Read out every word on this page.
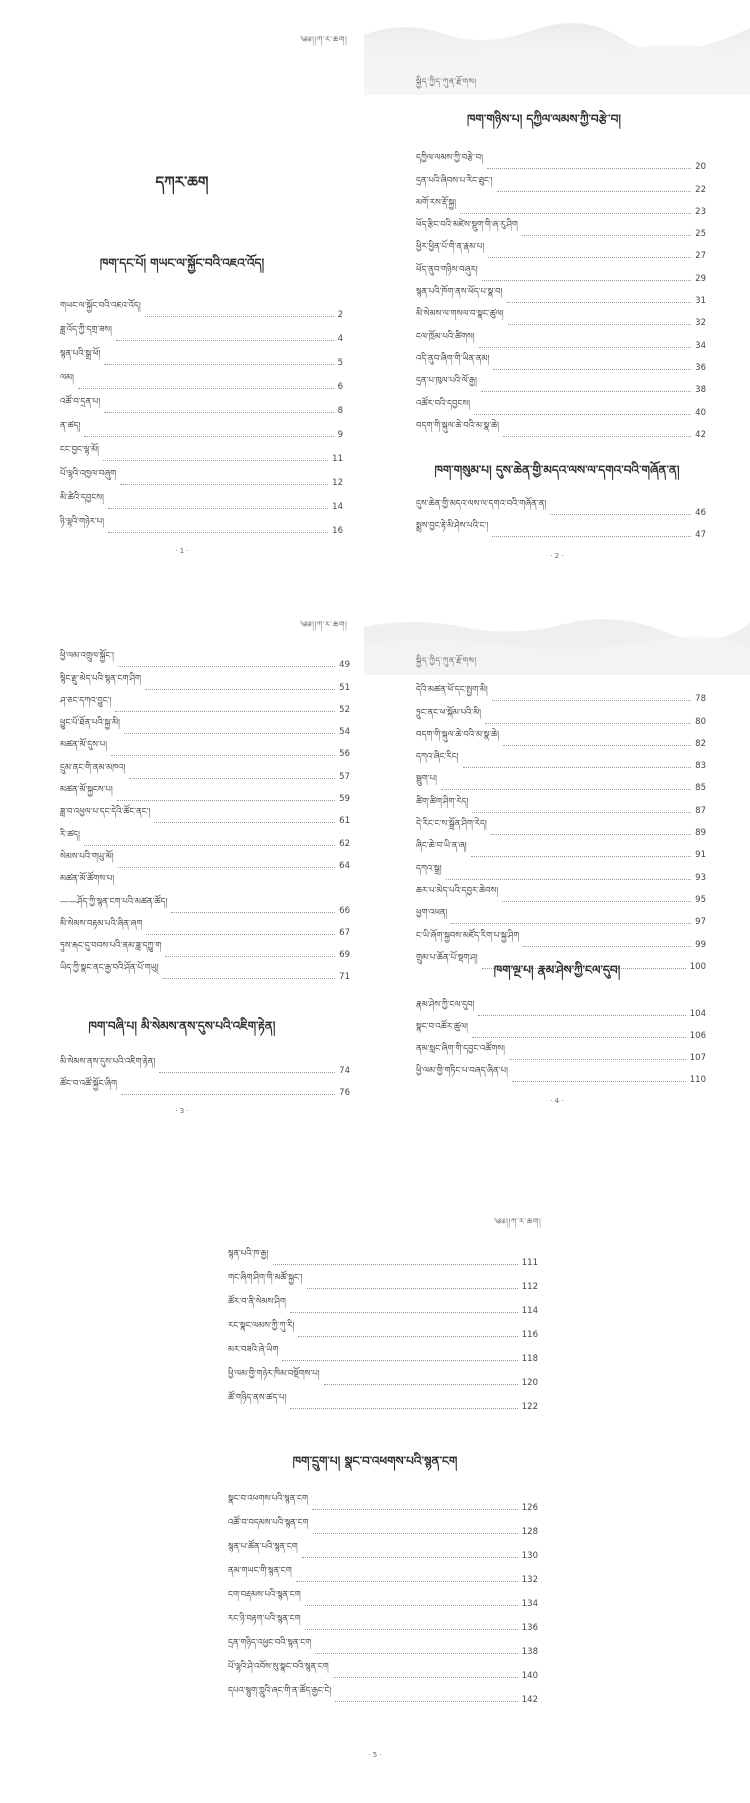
༄༅།།ཀ་ར་ཆག།
དཀར་ཆག
ཁག་དང་པོ། གཡང་ལ་སྐྱོང་བའི་འཇའ་འོད།
གཡང་ལ་སྐྱོང་བའི་འཇའ་འོད།
2
ཟླ་འོད་ཀྱི་དགྲ་ཟས།
4
སྙན་པའི་སྒྲ་ཕོ།
5
ལམ།
6
འཚོ་བ་དྲན་པ།
8
ན་ཚད།
9
ངང་བྱང་ལྷ་མོ།
11
པོ་ལྷའི་འཁྱལ་བཞུག
12
མི་ཚེའི་དབྱངས།
14
ཉི་ལྷའི་གཉེར་པ།
16
· 1 ·
སྐྱིད་ཀྱིད་ཀུན་རྫོགས།
ཁག་གཉིས་པ། དཀྱིལ་ལམས་ཀྱི་བརྩེ་བ།
དཀྱིལ་ལམས་ཀྱི་བརྩེ་བ།
20
དྲན་པའི་ཞིབས་པ་རིང་ཐུང་།
22
མགོ་རས་རྡོ་སྐྱ།
23
ཕོད་རྩིང་བའི་མཛེས་སྡུག་གི་ཞ་རུ་ཤིག
25
ཕྱིར་ཕྱིན་པོ་གི་ན་རྣམ་པ།
27
ཕོད་ནུབ་གཉིས་བཞུར།
29
སྙན་པའི་ཁོག་ནས་ཕོད་པ་སྣ་བ།
31
མི་སེམས་ལ་གསལ་བ་སྣང་ཚུལ།
32
ངལ་ཁྲོམ་པའི་ཚིགས།
34
འདི་ནུབ་ཞིག་གི་ཡིན་ནམ།
36
དྲན་པ་ཁུལ་པའི་ལོ་རྒྱ།
38
འཚོར་བའི་དབྱངས།
40
བདག་གི་སྐུལ་ཆེ་བའི་མ་སྣ་ཆེ།
42
ཁག་གསུམ་པ། དུས་ཆེན་གྱི་མདའ་ལས་ལ་དགའ་བའི་གཞོན་ན།
དུས་ཆེན་གྱི་མདའ་ལས་ལ་དགའ་བའི་གཞོན་ན།
46
སྨྲས་བྱང་རྟེ་མི་ཤེས་པའི་ང་།
47
· 2 ·
༄༅།།ཀ་ར་ཆག།
ཕྱི་ལམ་འགྲུལ་སྐྱོང་།
49
སྙིང་རྫུ་མེད་པའི་སྙན་ངག་ཤིག
51
ཤ་ཅང་དཀའ་བྱུང་།
52
ཕྱུང་པོ་ཐོན་པའི་སྐྱ་མི།
54
མཚན་མོ་དུས་པ།
56
དྲུམ་ནང་གི་ནམ་མཁའ།
57
མཚན་མོ་སྐྱངས་པ།
59
ཟླ་བ་འཕྱལ་པ་དང་དེའི་ཚོང་ནང་།
61
རི་ཚད།
62
སེམས་པའི་གཡུ་མོ།
64
མཚན་མོ་ཚོགས་པ།
——ཤོད་ཀྱི་སྙན་ངག་པའི་མཚན་ཚོད།
66
མི་སེམས་བརྟམ་པའི་ཞིན་ཞག
67
ཏུས་རྐང་དུ་བབས་པའི་ནམ་ཟླ་དཀྱུ་ག
69
ཡིད་ཀྱི་སྣང་ནང་རྒྱ་བའི་ཤོན་པོ་གཡུ།
71
ཁག་བཞི་པ། མི་སེམས་ནས་དུས་པའི་འཇིག་རྟེན།
མི་སེམས་ནས་དུས་པའི་འཇིག་རྟེན།
74
ཚོང་བ་འཚོ་སྐྱོང་ཞིག
76
· 3 ·
སྐྱིད་ཀྱིད་ཀུན་རྫོགས།
དེའི་མཚན་ཕོ་དང་སྤྱག་མི།
78
ཏྲུང་ནང་ཕ་སྐོམ་པའི་མི།
80
བདག་གི་སྐུལ་ཆེ་བའི་མ་སྣ་ཆེ།
82
དཀའ་ཞིང་རིང།
83
སྦྲུག་པ།
85
ཚིག་ཚིག་ཤིག་རེད།
87
དེ་རིང་ང་ས་སྒྲོན་ཤིག་རེད།
89
ཞིང་ཆེ་བ་ཡི་ན་ཞ།
91
དཀའ་སྒྲ།
93
ཆར་པ་མེད་པའི་དབྱར་ཆེབས།
95
ཕྱག་འཕན།
97
ང་ཡི་ཞོག་སྐྱབས་མཛོད་རིག་པ་སྐྱ་ཤིག
99
གྲུམ་པ་ཆོན་པོ་སྡག་ཤ།
100
ཁག་ལྔ་པ། རྣམ་ཤེས་ཀྱི་ངལ་དུབ།
རྣམ་ཤེས་ཀྱི་ངལ་དུབ།
104
སྣང་བ་འཚོར་ཚུལ།
106
ནམ་སླང་ཞིག་གི་དབྱང་འཚོགས།
107
ཕྱི་ལམ་གྱི་གཏིང་པ་བཞད་ཞིན་པ།
110
· 4 ·
༄༅།།ཀ་ར་ཆག།
སྙན་པའི་ཁ་རྒྱ།
111
གང་ཞིག་ཤིག་གི་མཚོ་སྐྱང་།
112
ཚོར་བ་ནི་སེམས་ཤིག
114
རང་སྣང་ལམས་ཀྱི་ཀུ་རི།
116
མར་བཟའི་ཞེ་ཡིག
118
ཕྱི་ལམ་གྱི་གཉེར་ཁིམ་བསྡོགས་པ།
120
ཚོ་གཉིད་ནས་ཚད་པ།
122
ཁག་དྲུག་པ། སྣང་བ་འཕགས་པའི་སྙན་ངག
སྣང་བ་འཕགས་པའི་སྙན་ངག
126
འཚོ་བ་བདམས་པའི་སྙན་ངག
128
སྙན་པ་ཚོན་པའི་སྙན་ངག
130
ནམ་གཡང་གི་སྙན་ངག
132
ངག་བརྡམས་པའི་སྙན་ངག
134
རང་ཉི་བརྟག་པའི་སྙན་ངག
136
དྲན་གཉིད་འཕྱང་བའི་སྙན་ངག
138
པོ་ལྷའི་ཤེ་འབོས་སུ་སྣང་བའི་སྙན་ངག
140
དཔའ་སྙུག་ཀླུའི་ཞང་གི་ན་ཚོད་རྒྱང་ངེ།
142
· 5 ·
